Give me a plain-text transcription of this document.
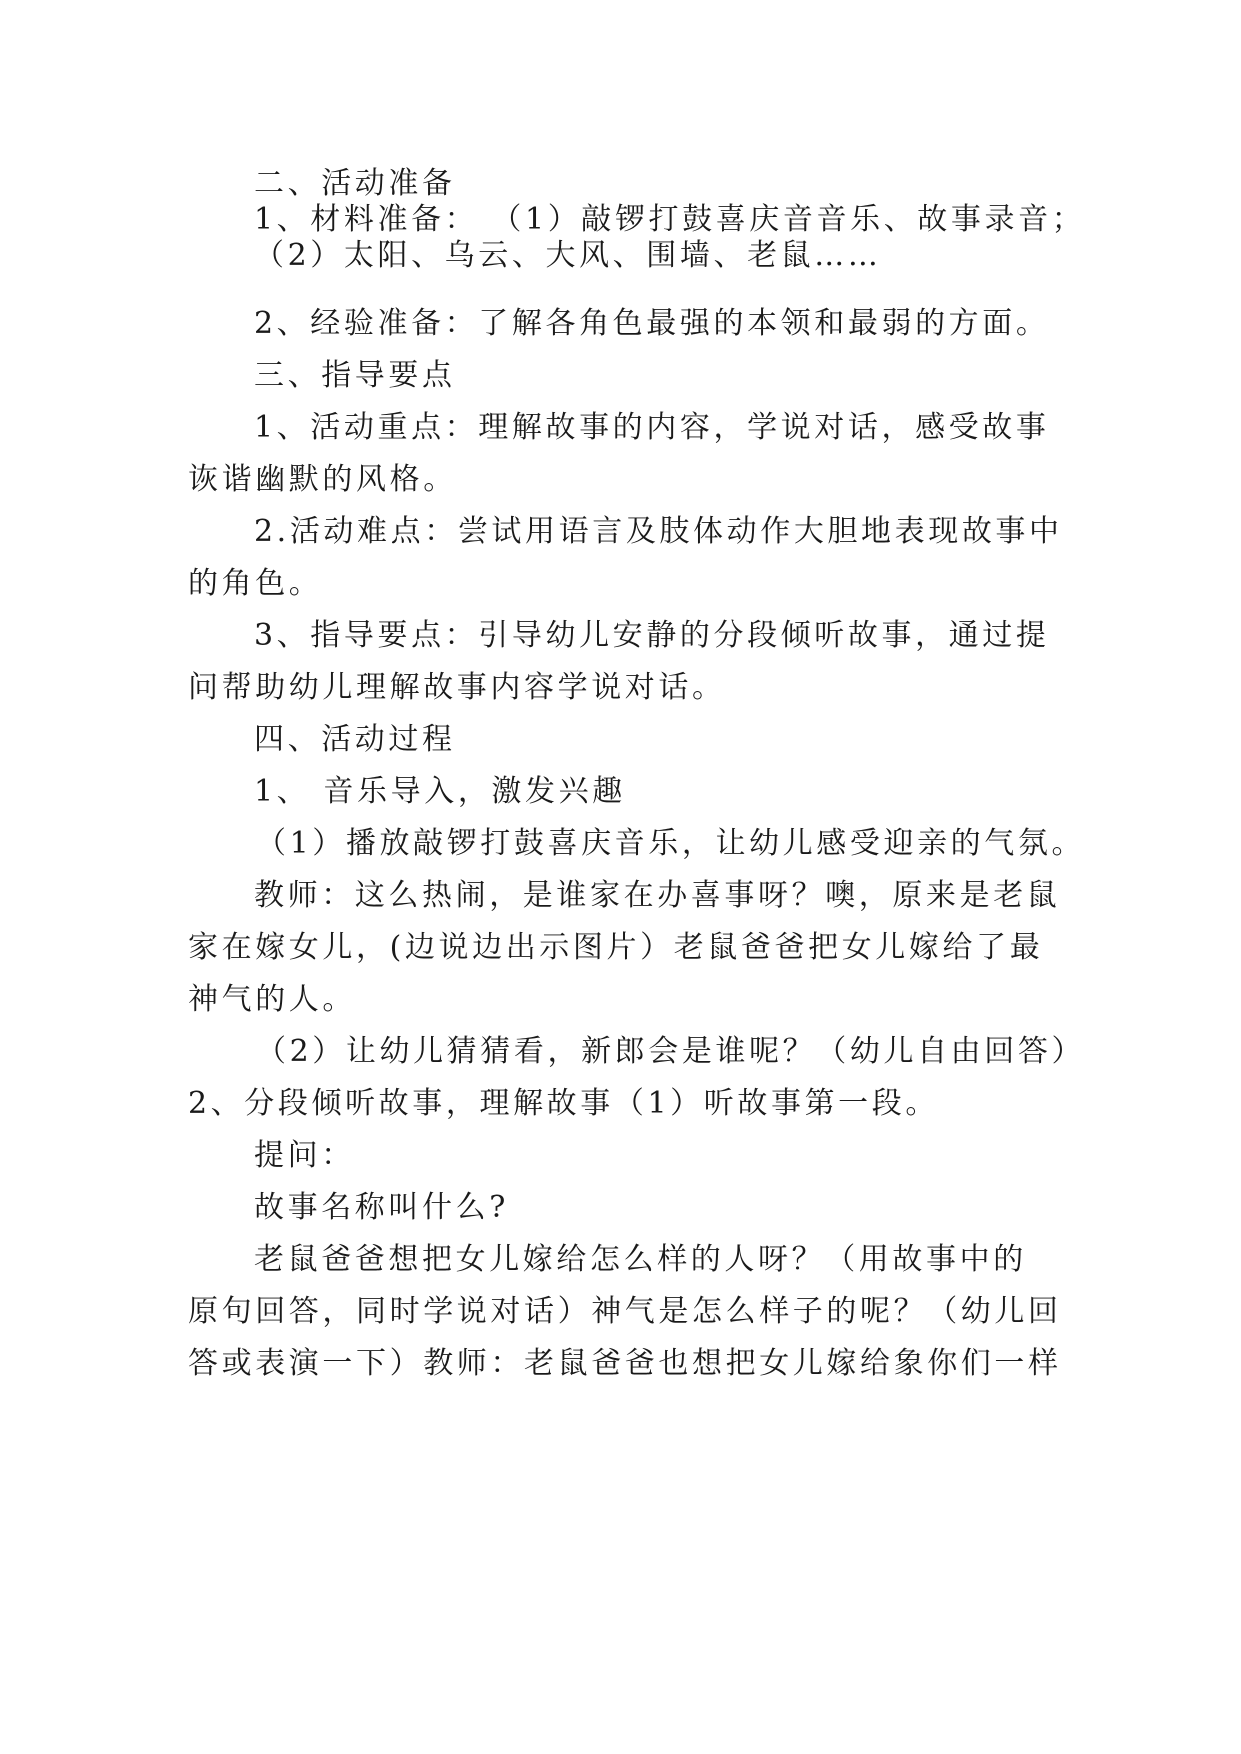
二、活动准备
1、材料准备： （1）敲锣打鼓喜庆音音乐、故事录音；
（2）太阳、乌云、大风、围墙、老鼠……
2、经验准备：了解各角色最强的本领和最弱的方面。
三、指导要点
1、活动重点：理解故事的内容，学说对话，感受故事
诙谐幽默的风格。
2.活动难点：尝试用语言及肢体动作大胆地表现故事中
的角色。
3、指导要点：引导幼儿安静的分段倾听故事，通过提
问帮助幼儿理解故事内容学说对话。
四、活动过程
1、 音乐导入，激发兴趣
（1）播放敲锣打鼓喜庆音乐，让幼儿感受迎亲的气氛。
教师：这么热闹，是谁家在办喜事呀？噢，原来是老鼠
家在嫁女儿，(边说边出示图片）老鼠爸爸把女儿嫁给了最
神气的人。
（2）让幼儿猜猜看，新郎会是谁呢？（幼儿自由回答）
2、分段倾听故事，理解故事（1）听故事第一段。
提问：
故事名称叫什么?
老鼠爸爸想把女儿嫁给怎么样的人呀？（用故事中的
原句回答，同时学说对话）神气是怎么样子的呢？（幼儿回
答或表演一下）教师：老鼠爸爸也想把女儿嫁给象你们一样
